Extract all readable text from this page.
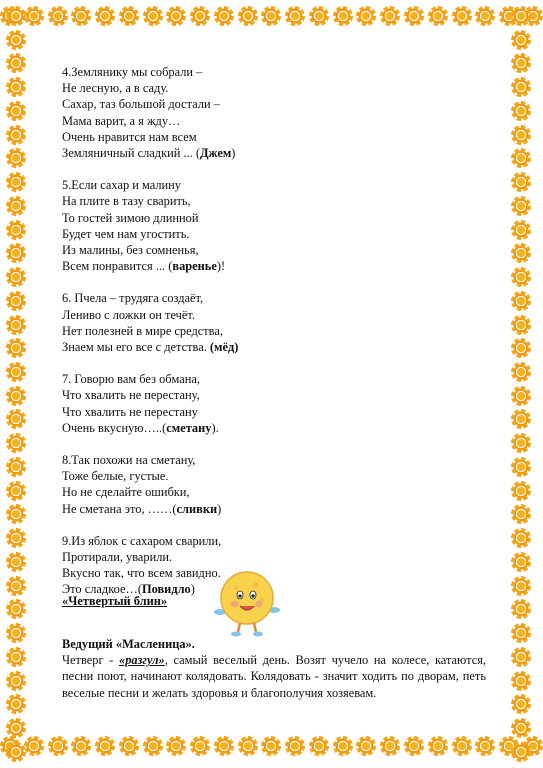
4.Землянику мы собрали –
Не лесную, а в саду.
Сахар, таз большой достали –
Мама варит, а я жду…
Очень нравится нам всем
Земляничный сладкий ... (Джем)
5.Если сахар и малину
На плите в тазу сварить,
То гостей зимою длинной
Будет чем нам угостить.
Из малины, без сомненья,
Всем понравится ... (варенье)!
6. Пчела – трудяга создаёт,
Лениво с ложки он течёт.
Нет полезней в мире средства,
Знаем мы его все с детства. (мёд)
7. Говорю вам без обмана,
Что хвалить не перестану,
Что хвалить не перестану
Очень вкусную…..(сметану).
8.Так похожи на сметану,
Тоже белые, густые.
Но не сделайте ошибки,
Не сметана это, ……(сливки)
9.Из яблок с сахаром сварили,
Протирали, уварили.
Вкусно так, что всем завидно.
Это сладкое…(Повидло)
«Четвертый блин»
Ведущий «Масленица».
Четверг - «разгул», самый веселый день. Возят чучело на колесе, катаются, песни поют, начинают колядовать. Колядовать - значит ходить по дворам, петь веселые песни и желать здоровья и благополучия хозяевам.
